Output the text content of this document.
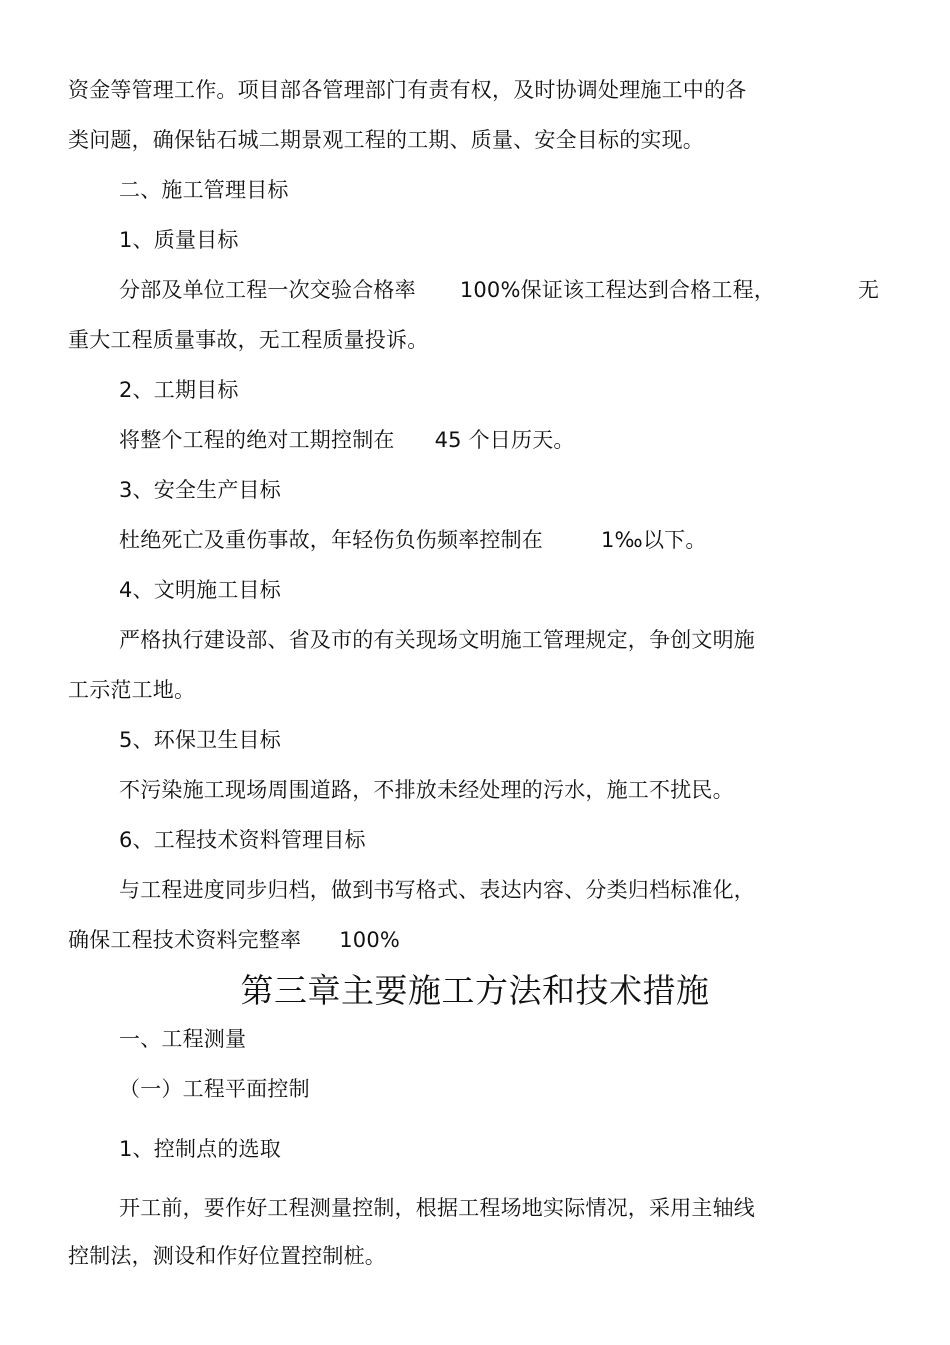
资金等管理工作。项目部各管理部门有责有权，及时协调处理施工中的各
类问题，确保钻石城二期景观工程的工期、质量、安全目标的实现。
二、施工管理目标
1、质量目标
分部及单位工程一次交验合格率 100%保证该工程达到合格工程，	无
重大工程质量事故，无工程质量投诉。
2、工期目标
将整个工程的绝对工期控制在 45 个日历天。
3、安全生产目标
杜绝死亡及重伤事故，年轻伤负伤频率控制在	1‰以下。
4、文明施工目标
严格执行建设部、省及市的有关现场文明施工管理规定，争创文明施
工示范工地。
5、环保卫生目标
不污染施工现场周围道路，不排放未经处理的污水，施工不扰民。
6、工程技术资料管理目标
与工程进度同步归档，做到书写格式、表达内容、分类归档标准化，
确保工程技术资料完整率 100%
第三章主要施工方法和技术措施
一、工程测量
（一）工程平面控制
1、控制点的选取
开工前，要作好工程测量控制，根据工程场地实际情况，采用主轴线
控制法，测设和作好位置控制桩。
